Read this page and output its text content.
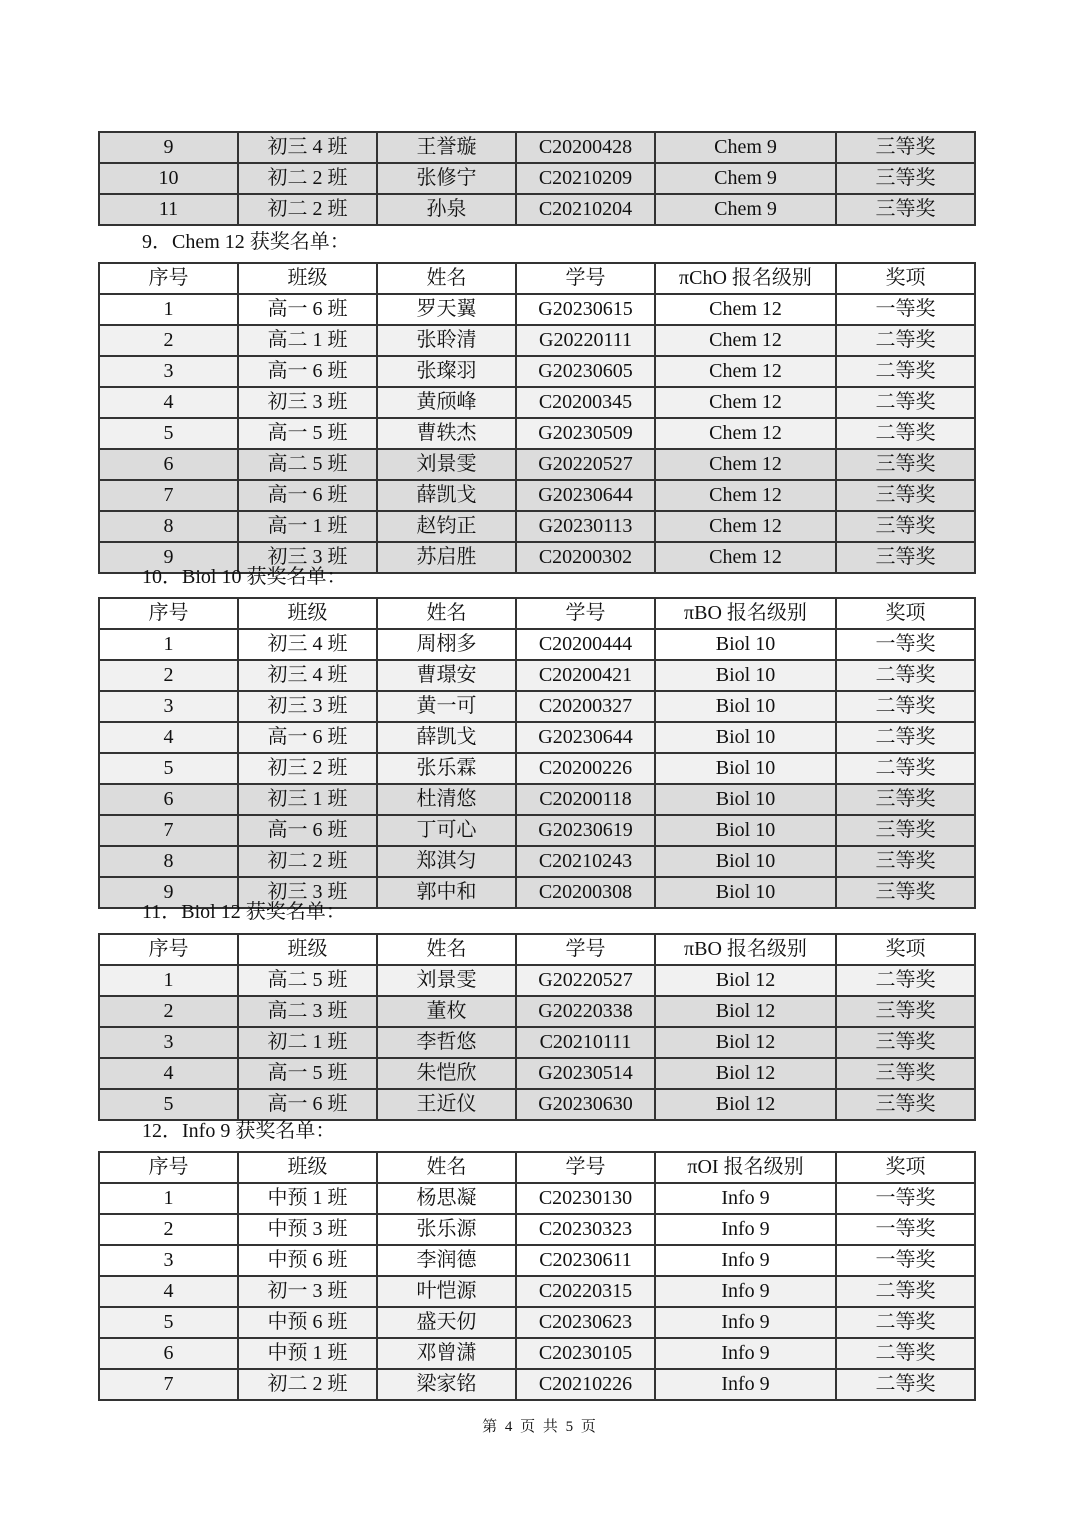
9	初三 4 班	王誉璇	C20200428	Chem 9	三等奖
10	初二 2 班	张修宁	C20210209	Chem 9	三等奖
11	初二 2 班	孙泉	C20210204	Chem 9	三等奖
9．Chem 12 获奖名单：
序号	班级	姓名	学号	πChO 报名级别	奖项
1	高一 6 班	罗天翼	G20230615	Chem 12	一等奖
2	高二 1 班	张聆清	G20220111	Chem 12	二等奖
3	高一 6 班	张璨羽	G20230605	Chem 12	二等奖
4	初三 3 班	黄颀峰	C20200345	Chem 12	二等奖
5	高一 5 班	曹轶杰	G20230509	Chem 12	二等奖
6	高二 5 班	刘景雯	G20220527	Chem 12	三等奖
7	高一 6 班	薛凯戈	G20230644	Chem 12	三等奖
8	高一 1 班	赵钧正	G20230113	Chem 12	三等奖
9	初三 3 班	苏启胜	C20200302	Chem 12	三等奖
10．Biol 10 获奖名单：
序号	班级	姓名	学号	πBO 报名级别	奖项
1	初三 4 班	周栩多	C20200444	Biol 10	一等奖
2	初三 4 班	曹璟安	C20200421	Biol 10	二等奖
3	初三 3 班	黄一可	C20200327	Biol 10	二等奖
4	高一 6 班	薛凯戈	G20230644	Biol 10	二等奖
5	初三 2 班	张乐霖	C20200226	Biol 10	二等奖
6	初三 1 班	杜清悠	C20200118	Biol 10	三等奖
7	高一 6 班	丁可心	G20230619	Biol 10	三等奖
8	初二 2 班	郑淇匀	C20210243	Biol 10	三等奖
9	初三 3 班	郭中和	C20200308	Biol 10	三等奖
11．Biol 12 获奖名单：
序号	班级	姓名	学号	πBO 报名级别	奖项
1	高二 5 班	刘景雯	G20220527	Biol 12	二等奖
2	高二 3 班	董枚	G20220338	Biol 12	三等奖
3	初二 1 班	李哲悠	C20210111	Biol 12	三等奖
4	高一 5 班	朱恺欣	G20230514	Biol 12	三等奖
5	高一 6 班	王近仪	G20230630	Biol 12	三等奖
12．Info 9 获奖名单：
序号	班级	姓名	学号	πOI 报名级别	奖项
1	中预 1 班	杨思凝	C20230130	Info 9	一等奖
2	中预 3 班	张乐源	C20230323	Info 9	一等奖
3	中预 6 班	李润德	C20230611	Info 9	一等奖
4	初一 3 班	叶恺源	C20220315	Info 9	二等奖
5	中预 6 班	盛天仞	C20230623	Info 9	二等奖
6	中预 1 班	邓曾潇	C20230105	Info 9	二等奖
7	初二 2 班	梁家铭	C20210226	Info 9	二等奖
第 4 页 共 5 页
